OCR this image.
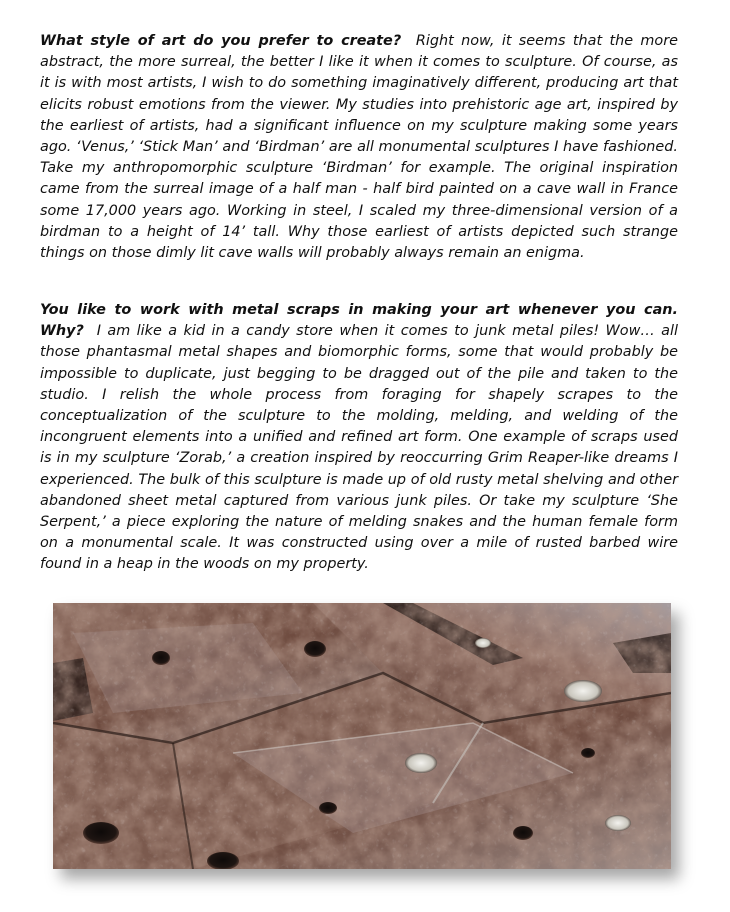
What style of art do you prefer to create? Right now, it seems that the more abstract, the more surreal, the better I like it when it comes to sculpture. Of course, as it is with most artists, I wish to do something imaginatively different, producing art that elicits robust emotions from the viewer. My studies into prehistoric age art, inspired by the earliest of artists, had a significant influence on my sculpture making some years ago. ‘Venus,’ ‘Stick Man’ and ‘Birdman’ are all monumental sculptures I have fashioned. Take my anthropomorphic sculpture ‘Birdman’ for example. The original inspiration came from the surreal image of a half man - half bird painted on a cave wall in France some 17,000 years ago. Working in steel, I scaled my three-dimensional version of a birdman to a height of 14’ tall. Why those earliest of artists depicted such strange things on those dimly lit cave walls will probably always remain an enigma.

You like to work with metal scraps in making your art whenever you can. Why? I am like a kid in a candy store when it comes to junk metal piles! Wow… all those phantasmal metal shapes and biomorphic forms, some that would probably be impossible to duplicate, just begging to be dragged out of the pile and taken to the studio. I relish the whole process from foraging for shapely scrapes to the conceptualization of the sculpture to the molding, melding, and welding of the incongruent elements into a unified and refined art form. One example of scraps used is in my sculpture ‘Zorab,’ a creation inspired by reoccurring Grim Reaper-like dreams I experienced. The bulk of this sculpture is made up of old rusty metal shelving and other abandoned sheet metal captured from various junk piles. Or take my sculpture ‘She Serpent,’ a piece exploring the nature of melding snakes and the human female form on a monumental scale. It was constructed using over a mile of rusted barbed wire found in a heap in the woods on my property.
